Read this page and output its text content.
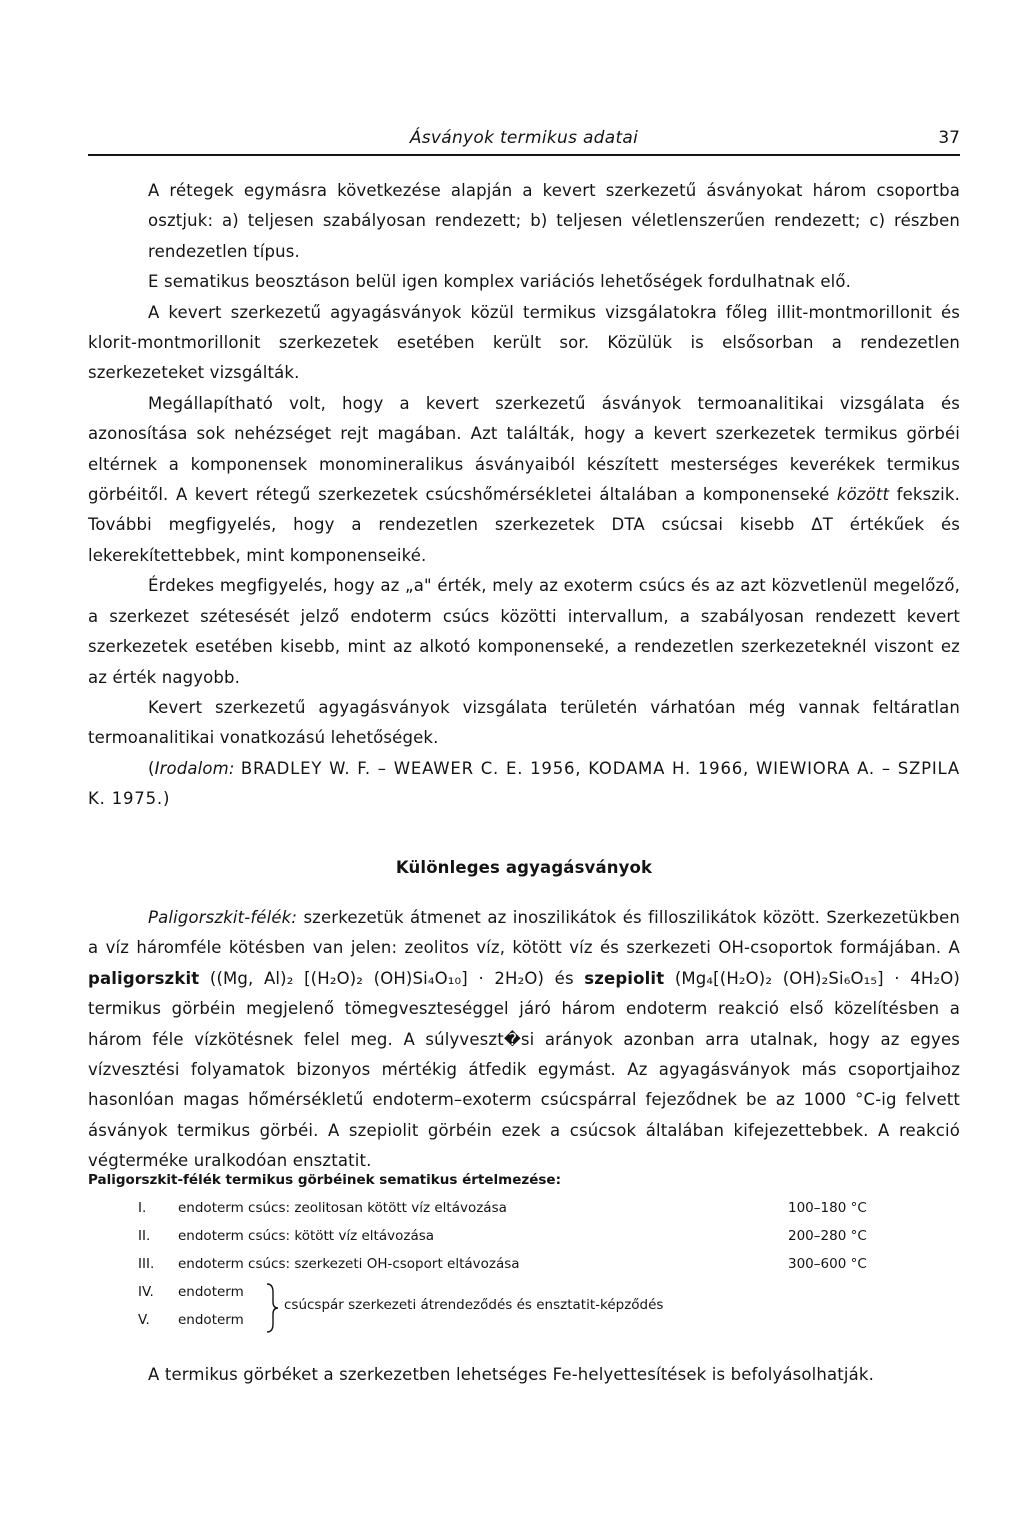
Ásványok termikus adatai	37

A rétegek egymásra következése alapján a kevert szerkezetű ásványokat három csoportba osztjuk: a) teljesen szabályosan rendezett; b) teljesen véletlenszerűen rendezett; c) részben rendezetlen típus.

E sematikus beosztáson belül igen komplex variációs lehetőségek fordulhatnak elő.

A kevert szerkezetű agyagásványok közül termikus vizsgálatokra főleg illit-montmorillonit és klorit-montmorillonit szerkezetek esetében került sor. Közülük is elsősorban a rendezetlen szerkezeteket vizsgálták.

Megállapítható volt, hogy a kevert szerkezetű ásványok termoanalitikai vizsgálata és azonosítása sok nehézséget rejt magában. Azt találták, hogy a kevert szerkezetek termikus görbéi eltérnek a komponensek monomineralikus ásványaiból készített mesterséges keverékek termikus görbéitől. A kevert rétegű szerkezetek csúcshőmérsékletei általában a komponenseké között fekszik. További megfigyelés, hogy a rendezetlen szerkezetek DTA csúcsai kisebb ΔT értékűek és lekerekítettebbek, mint komponenseiké.

Érdekes megfigyelés, hogy az „a" érték, mely az exoterm csúcs és az azt közvetlenül megelőző, a szerkezet szétesését jelző endoterm csúcs közötti intervallum, a szabályosan rendezett kevert szerkezetek esetében kisebb, mint az alkotó komponenseké, a rendezetlen szerkezeteknél viszont ez az érték nagyobb.

Kevert szerkezetű agyagásványok vizsgálata területén várhatóan még vannak feltáratlan termoanalitikai vonatkozású lehetőségek.

(Irodalom: BRADLEY W. F. – WEAWER C. E. 1956, KODAMA H. 1966, WIEWIORA A. – SZPILA K. 1975.)

Különleges agyagásványok

Paligorszkit-félék: szerkezetük átmenet az inoszilikátok és filloszilikátok között. Szerkezetükben a víz háromféle kötésben van jelen: zeolitos víz, kötött víz és szerkezeti OH-csoportok formájában. A paligorszkit ((Mg, Al)₂ [(H₂O)₂ (OH)Si₄O₁₀] · 2H₂O) és szepiolit (Mg₄[(H₂O)₂ (OH)₂Si₆O₁₅] · 4H₂O) termikus görbéin megjelenő tömegveszteséggel járó három endoterm reakció első közelítésben a három féle vízkötésnek felel meg. A súlyveszt�si arányok azonban arra utalnak, hogy az egyes vízvesztési folyamatok bizonyos mértékig átfedik egymást. Az agyagásványok más csoportjaihoz hasonlóan magas hőmérsékletű endoterm–exoterm csúcspárral fejeződnek be az 1000 °C-ig felvett ásványok termikus görbéi. A szepiolit görbéin ezek a csúcsok általában kifejezettebbek. A reakció végterméke uralkodóan ensztatit.

Paligorszkit-félék termikus görbéinek sematikus értelmezése:
I.	endoterm csúcs: zeolitosan kötött víz eltávozása	100–180 °C
II.	endoterm csúcs: kötött víz eltávozása	200–280 °C
III.	endoterm csúcs: szerkezeti OH-csoport eltávozása	300–600 °C
IV.	endoterm
V.	endoterm
csúcspár szerkezeti átrendeződés és ensztatit-képződés
A termikus görbéket a szerkezetben lehetséges Fe-helyettesítések is befolyásolhatják.
